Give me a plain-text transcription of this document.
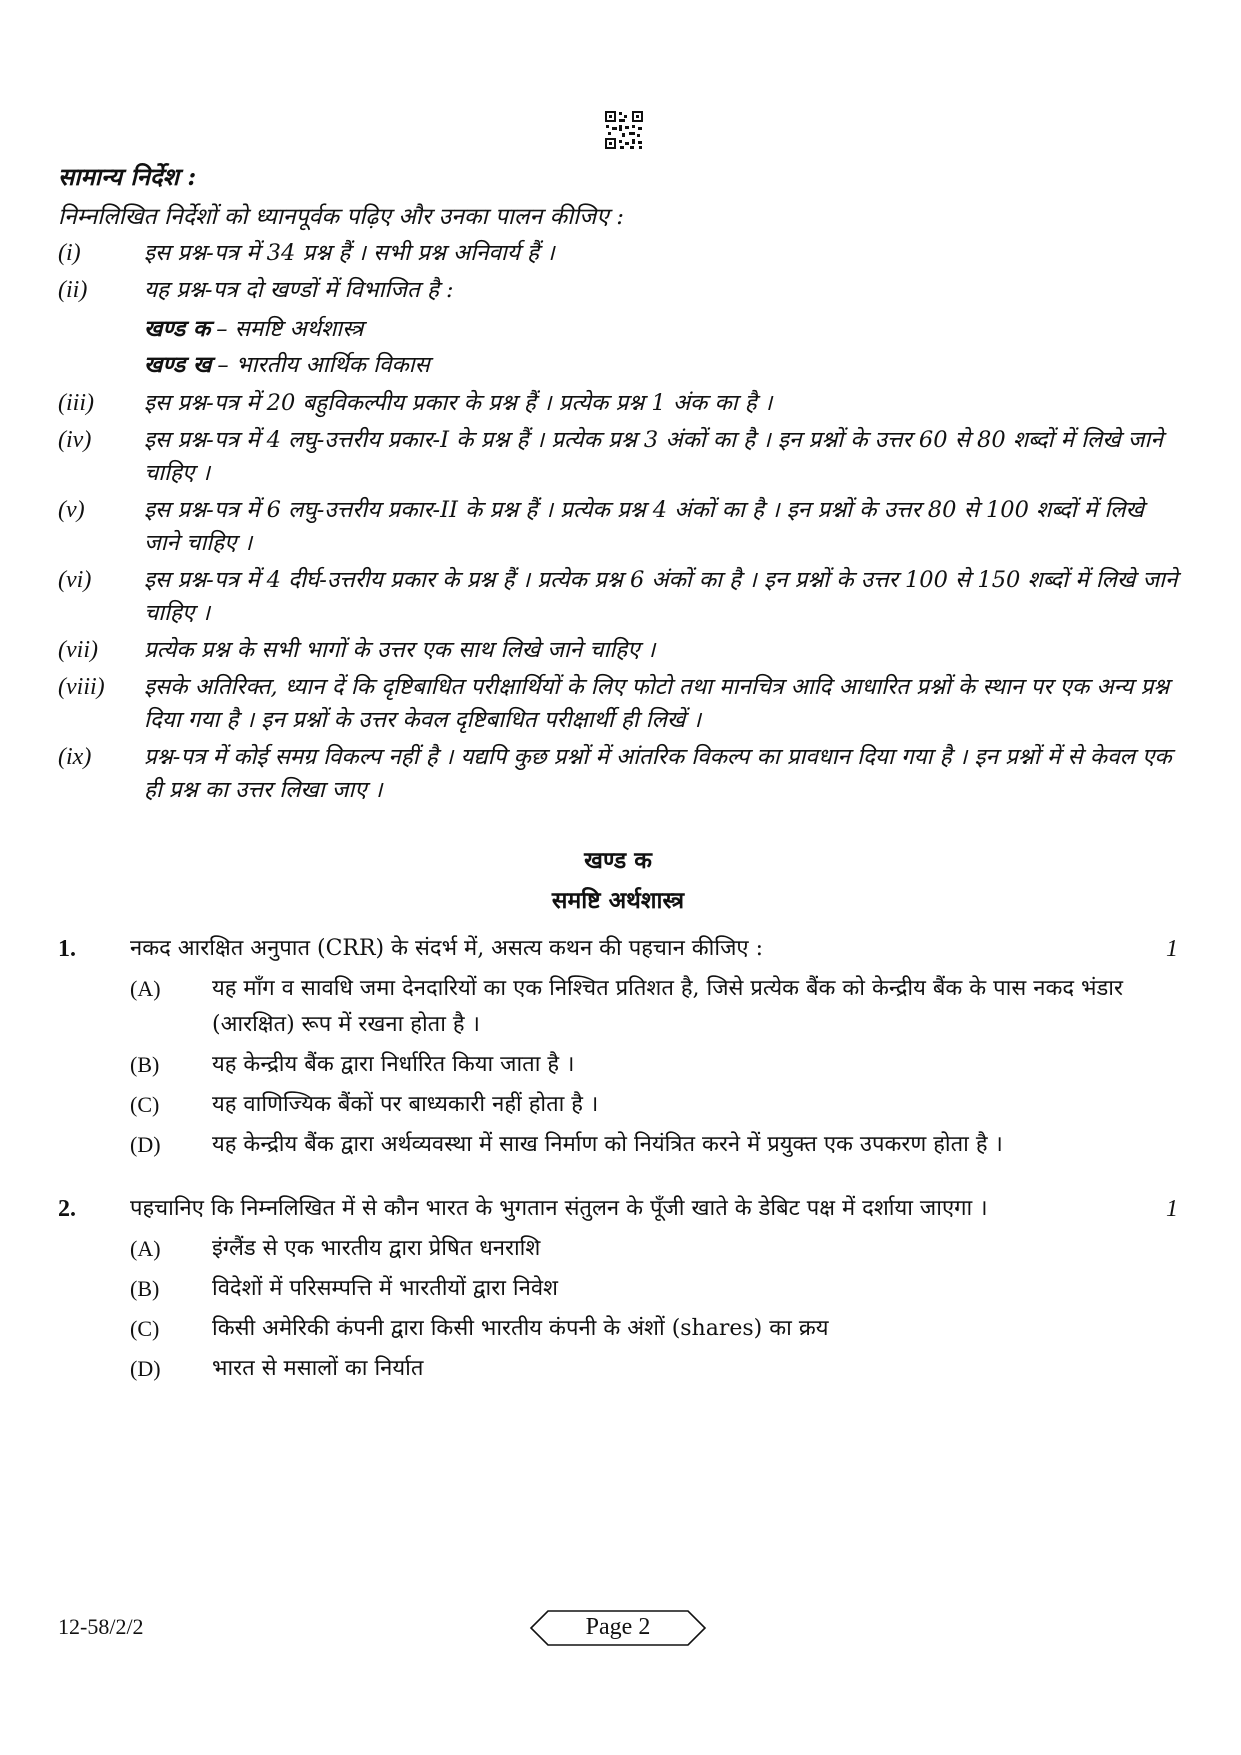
सामान्य निर्देश :
निम्नलिखित निर्देशों को ध्यानपूर्वक पढ़िए और उनका पालन कीजिए :
(i)	इस प्रश्न-पत्र में 34 प्रश्न हैं । सभी प्रश्न अनिवार्य हैं ।
(ii)	यह प्रश्न-पत्र दो खण्डों में विभाजित है :
खण्ड क – समष्टि अर्थशास्त्र
खण्ड ख – भारतीय आर्थिक विकास
(iii)	इस प्रश्न-पत्र में 20 बहुविकल्पीय प्रकार के प्रश्न हैं । प्रत्येक प्रश्न 1 अंक का है ।
(iv)	इस प्रश्न-पत्र में 4 लघु-उत्तरीय प्रकार-I के प्रश्न हैं । प्रत्येक प्रश्न 3 अंकों का है । इन प्रश्नों के उत्तर 60 से 80 शब्दों में लिखे जाने चाहिए ।
(v)	इस प्रश्न-पत्र में 6 लघु-उत्तरीय प्रकार-II के प्रश्न हैं । प्रत्येक प्रश्न 4 अंकों का है । इन प्रश्नों के उत्तर 80 से 100 शब्दों में लिखे जाने चाहिए ।
(vi)	इस प्रश्न-पत्र में 4 दीर्घ-उत्तरीय प्रकार के प्रश्न हैं । प्रत्येक प्रश्न 6 अंकों का है । इन प्रश्नों के उत्तर 100 से 150 शब्दों में लिखे जाने चाहिए ।
(vii)	प्रत्येक प्रश्न के सभी भागों के उत्तर एक साथ लिखे जाने चाहिए ।
(viii)	इसके अतिरिक्त, ध्यान दें कि दृष्टिबाधित परीक्षार्थियों के लिए फोटो तथा मानचित्र आदि आधारित प्रश्नों के स्थान पर एक अन्य प्रश्न दिया गया है । इन प्रश्नों के उत्तर केवल दृष्टिबाधित परीक्षार्थी ही लिखें ।
(ix)	प्रश्न-पत्र में कोई समग्र विकल्प नहीं है । यद्यपि कुछ प्रश्नों में आंतरिक विकल्प का प्रावधान दिया गया है । इन प्रश्नों में से केवल एक ही प्रश्न का उत्तर लिखा जाए ।
खण्ड क
समष्टि अर्थशास्त्र
1.	नकद आरक्षित अनुपात (CRR) के संदर्भ में, असत्य कथन की पहचान कीजिए :	1
(A)	यह माँग व सावधि जमा देनदारियों का एक निश्चित प्रतिशत है, जिसे प्रत्येक बैंक को केन्द्रीय बैंक के पास नकद भंडार (आरक्षित) रूप में रखना होता है ।
(B)	यह केन्द्रीय बैंक द्वारा निर्धारित किया जाता है ।
(C)	यह वाणिज्यिक बैंकों पर बाध्यकारी नहीं होता है ।
(D)	यह केन्द्रीय बैंक द्वारा अर्थव्यवस्था में साख निर्माण को नियंत्रित करने में प्रयुक्त एक उपकरण होता है ।
2.	पहचानिए कि निम्नलिखित में से कौन भारत के भुगतान संतुलन के पूँजी खाते के डेबिट पक्ष में दर्शाया जाएगा ।	1
(A)	इंग्लैंड से एक भारतीय द्वारा प्रेषित धनराशि
(B)	विदेशों में परिसम्पत्ति में भारतीयों द्वारा निवेश
(C)	किसी अमेरिकी कंपनी द्वारा किसी भारतीय कंपनी के अंशों (shares) का क्रय
(D)	भारत से मसालों का निर्यात
12-58/2/2	Page 2
